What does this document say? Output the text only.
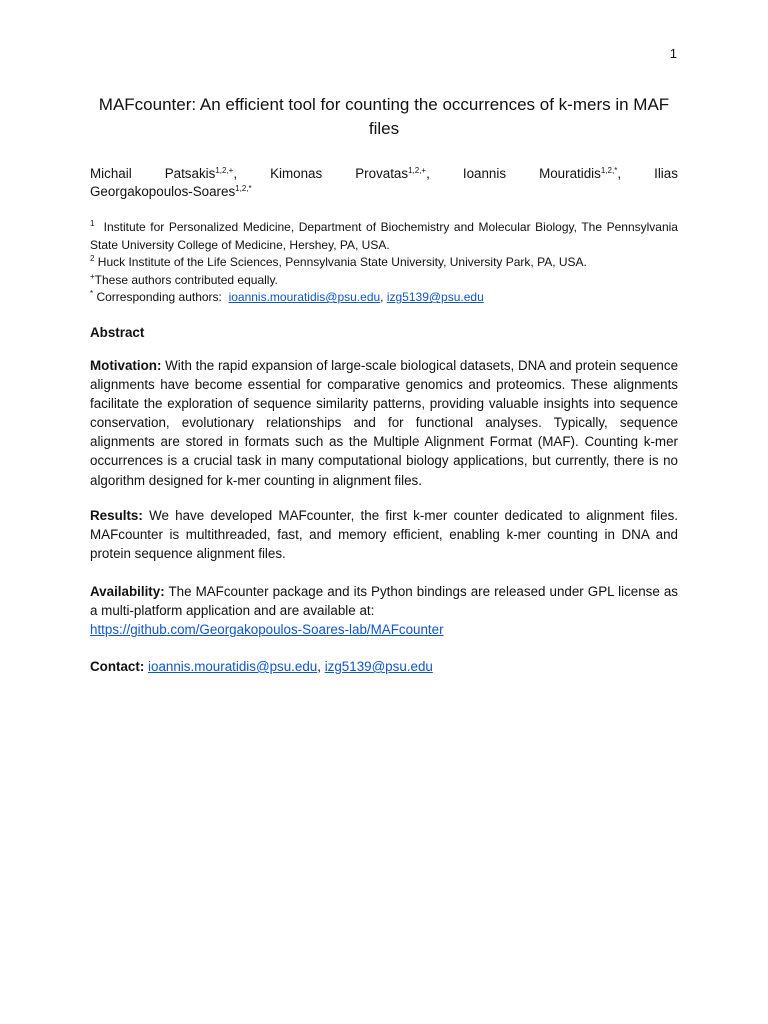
1
MAFcounter: An efficient tool for counting the occurrences of k-mers in MAF files
Michail Patsakis$^{1,2,+}$, Kimonas Provatas$^{1,2,+}$, Ioannis Mouratidis$^{1,2,*}$, Ilias
Georgakopoulos-Soares$^{1,2,*}$

$^1$ Institute for Personalized Medicine, Department of Biochemistry and Molecular Biology, The Pennsylvania State University College of Medicine, Hershey, PA, USA.

$^2$ Huck Institute of the Life Sciences, Pennsylvania State University, University Park, PA, USA.

+These authors contributed equally.

* Corresponding authors: ioannis.mouratidis@psu.edu, izg5139@psu.edu

Abstract

Motivation: With the rapid expansion of large-scale biological datasets, DNA and protein sequence alignments have become essential for comparative genomics and proteomics. These alignments facilitate the exploration of sequence similarity patterns, providing valuable insights into sequence conservation, evolutionary relationships and for functional analyses. Typically, sequence alignments are stored in formats such as the Multiple Alignment Format (MAF). Counting k-mer occurrences is a crucial task in many computational biology applications, but currently, there is no algorithm designed for k-mer counting in alignment files.

Results: We have developed MAFcounter, the first k-mer counter dedicated to alignment files. MAFcounter is multithreaded, fast, and memory efficient, enabling k-mer counting in DNA and protein sequence alignment files.

Availability: The MAFcounter package and its Python bindings are released under GPL license as a multi-platform application and are available at:
https://github.com/Georgakopoulos-Soares-lab/MAFcounter

Contact: ioannis.mouratidis@psu.edu, izg5139@psu.edu
